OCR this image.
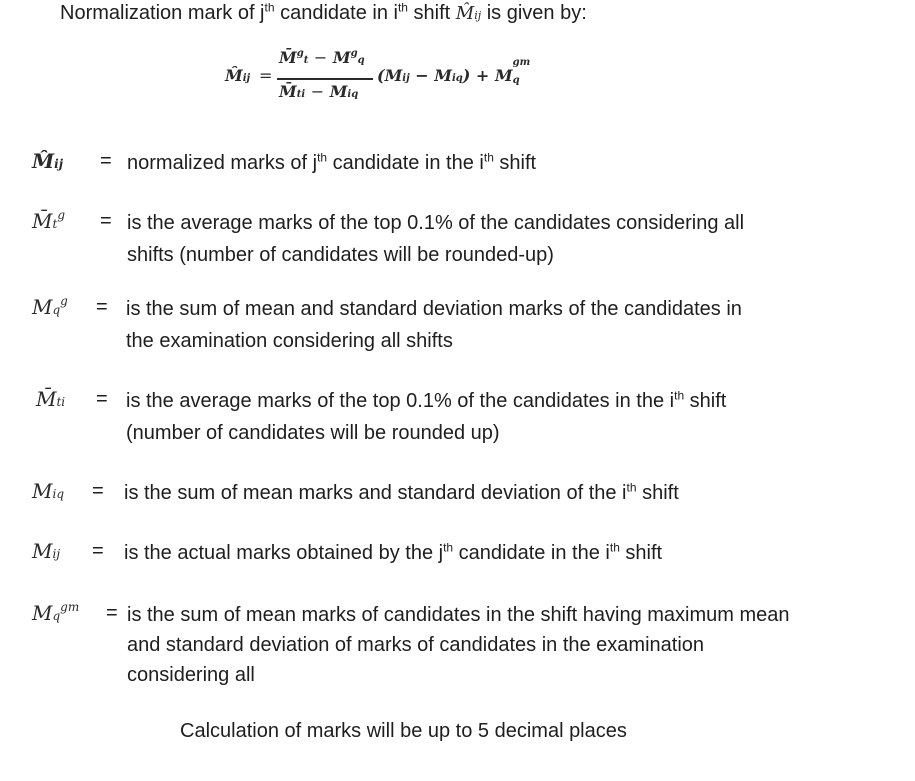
Normalization mark of $j^{th}$ candidate in $i^{th}$ shift M̂ij is given by:
M̂ij =
M̄$^g$t − $M^gq$
M̄ti − Miq
(Mij − Miq) + M
gm
q
M̂ij = normalized marks of $j^{th}$ candidate in the $i^{th}$ shift
$M̄t^g$ = is the average marks of the top 0.1% of the candidates considering all
shifts (number of candidates will be rounded-up)
$Mq^g$ = is the sum of mean and standard deviation marks of the candidates in
the examination considering all shifts
M̄ti = is the average marks of the top 0.1% of the candidates in the $i^{th}$ shift
(number of candidates will be rounded up)
Miq = is the sum of mean marks and standard deviation of the $i^{th}$ shift
Mij = is the actual marks obtained by the $j^{th}$ candidate in the $i^{th}$ shift
$Mq^{gm}$ = is the sum of mean marks of candidates in the shift having maximum mean
and standard deviation of marks of candidates in the examination
considering all
Calculation of marks will be up to 5 decimal places
